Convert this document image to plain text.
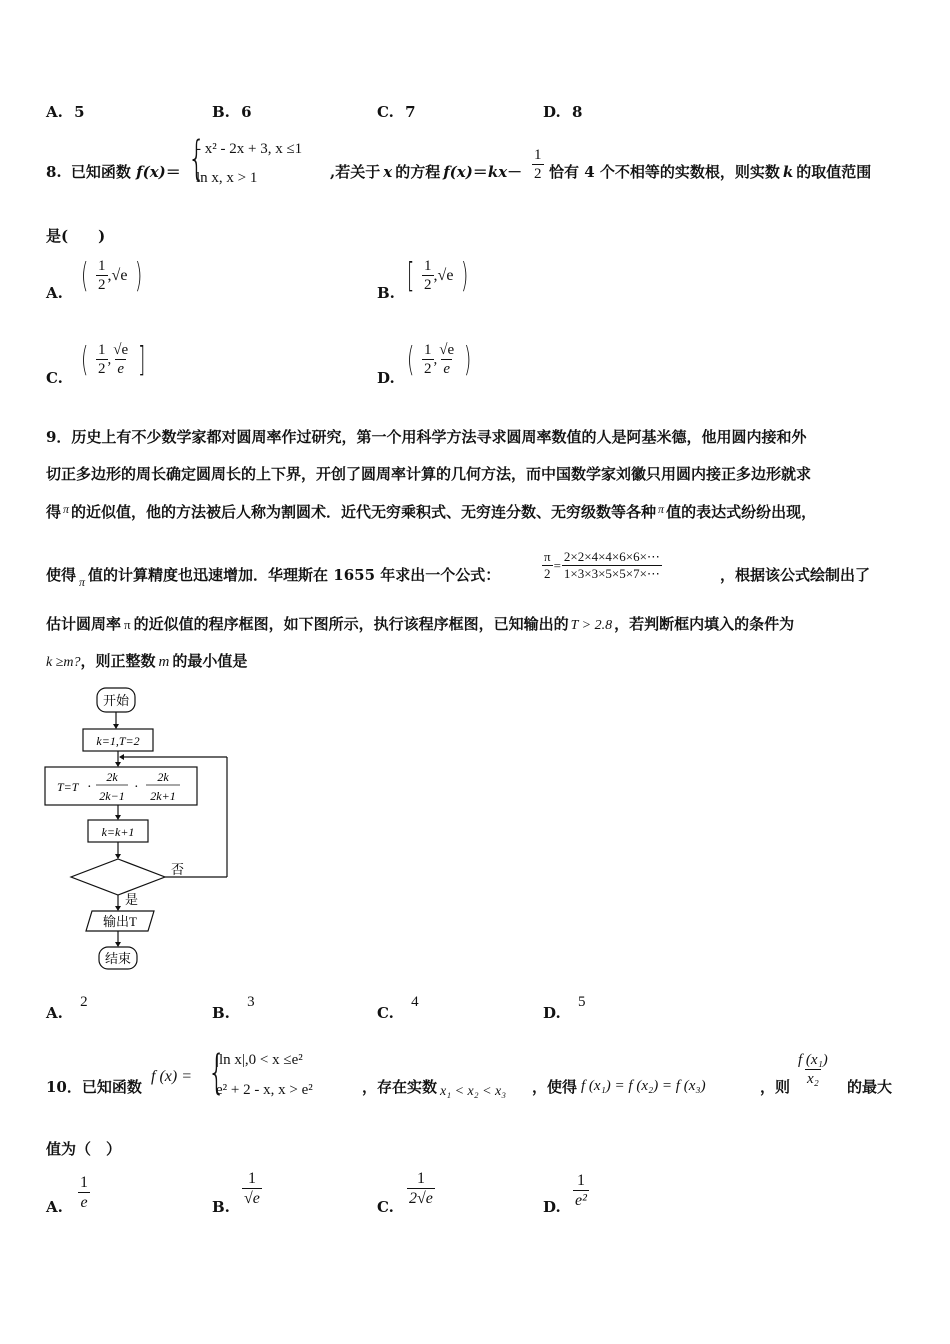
A. 5	B. 6	C. 7	D. 8
8. 已知函数 f(x)＝ {
- x² - 2x + 3, x ≤1
ln x, x > 1	,若关于 x 的方程 $f(x)=kx- \frac{1}{2}$ 恰有 4 个不相等的实数根，则实数 k 的取值范围
是(　　)
A. ( $\frac{1}{2} ,√e$ )	B. [ $\frac{1}{2} ,√e$ )
C. ( $\frac{1}{2}$ , $\frac{√e}{e}$ ]	D. ( $\frac{1}{2}$ , $\frac{√e}{e}$ )
9．历史上有不少数学家都对圆周率作过研究，第一个用科学方法寻求圆周率数值的人是阿基米德，他用圆内接和外
切正多边形的周长确定圆周长的上下界，开创了圆周率计算的几何方法，而中国数学家刘徽只用圆内接正多边形就求
得 $^\pi$ 的近似值，他的方法被后人称为割圆术．近代无穷乘积式、无穷连分数、无穷级数等各种 $^\pi$ 值的表达式纷纷出现，
使得 $_\pi$ 值的计算精度也迅速增加．华理斯在 1655 年求出一个公式：	$\frac{\pi}{2} = \frac{2\times 2\times 4\times 4\times 6\times 6\times\cdots}{1\times 3\times 3\times 5\times 5\times 7\times\cdots}$	，根据该公式绘制出了
估计圆周率 π 的近似值的程序框图，如下图所示，执行该程序框图，已知输出的 T > 2.8 ，若判断框内填入的条件为
k ≥m?，则正整数 m 的最小值是
开始
k=1,T=2
T=T ·
2k
2k−1
·
2k
2k+1
k=k+1
否
是
输出T
结束
A. 2
B. 3
C. 4
D. 5
10．已知函数
f (x) = {
|ln x|,0 < x ≤e²
e² + 2 - x, x > e²	，存在实数 x₁ < x₂ < x₃ ，使得 f (x₁) = f (x₂) = f (x₃)	，则 $\frac{\text{f (x₁)}}{\text{x₂}}$ 的最大
值为（　）
A. $\frac{1}{e}$	B. $\frac{1}{√e}$	C. $\frac{1}{2√e}$	D. $\frac{1}{\text{e²}}$
